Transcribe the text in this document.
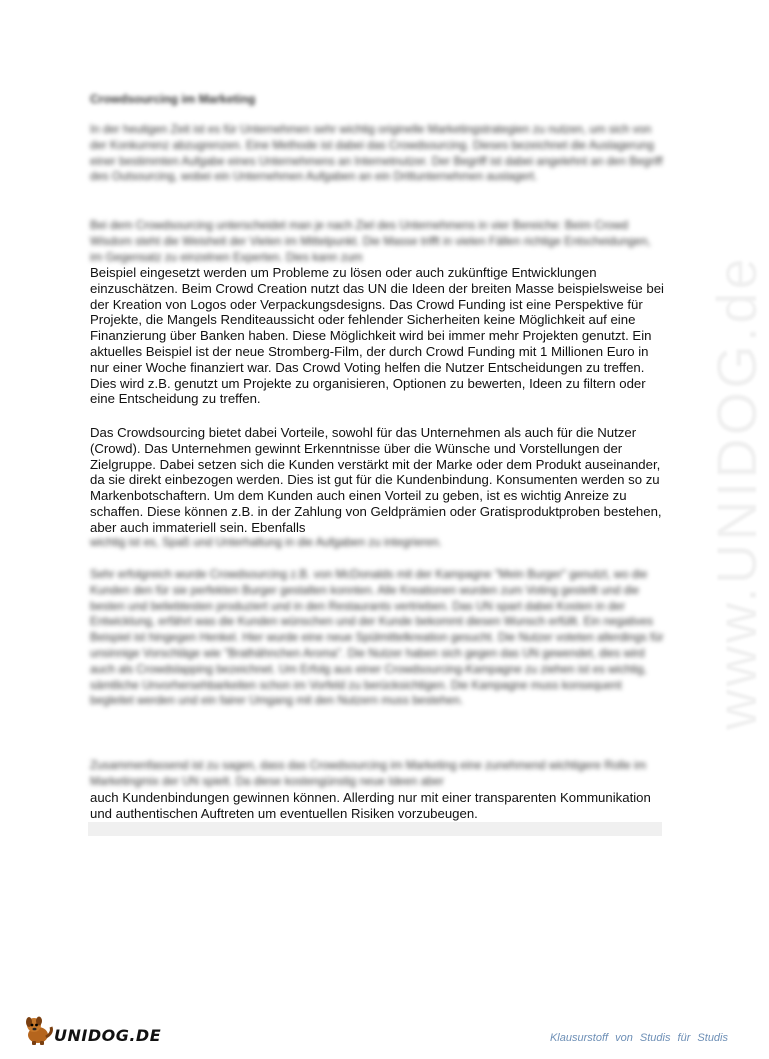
Crowdsourcing im Marketing
In der heutigen Zeit ist es für Unternehmen sehr wichtig originelle Marketingstrategien zu nutzen, um sich von der Konkurrenz abzugrenzen. Eine Methode ist dabei das Crowdsourcing. Dieses bezeichnet die Auslagerung einer bestimmten Aufgabe eines Unternehmens an Internetnutzer. Der Begriff ist dabei angelehnt an den Begriff des Outsourcing, wobei ein Unternehmen Aufgaben an ein Drittunternehmen auslagert.
Bei dem Crowdsourcing unterscheidet man je nach Ziel des Unternehmens in vier Bereiche: Beim Crowd Wisdom steht die Weisheit der Vielen im Mittelpunkt. Die Masse trifft in vielen Fällen richtige Entscheidungen, im Gegensatz zu einzelnen Experten. Dies kann zum
Beispiel eingesetzt werden um Probleme zu lösen oder auch zukünftige Entwicklungen einzuschätzen. Beim Crowd Creation nutzt das UN die Ideen der breiten Masse beispielsweise bei der Kreation von Logos oder Verpackungsdesigns. Das Crowd Funding ist eine Perspektive für Projekte, die Mangels Renditeaussicht oder fehlender Sicherheiten keine Möglichkeit auf eine Finanzierung über Banken haben. Diese Möglichkeit wird bei immer mehr Projekten genutzt. Ein aktuelles Beispiel ist der neue Stromberg-Film, der durch Crowd Funding mit 1 Millionen Euro in nur einer Woche finanziert war. Das Crowd Voting helfen die Nutzer Entscheidungen zu treffen. Dies wird z.B. genutzt um Projekte zu organisieren, Optionen zu bewerten, Ideen zu filtern oder eine Entscheidung zu treffen.
Das Crowdsourcing bietet dabei Vorteile, sowohl für das Unternehmen als auch für die Nutzer (Crowd). Das Unternehmen gewinnt Erkenntnisse über die Wünsche und Vorstellungen der Zielgruppe. Dabei setzen sich die Kunden verstärkt mit der Marke oder dem Produkt auseinander, da sie direkt einbezogen werden. Dies ist gut für die Kundenbindung. Konsumenten werden so zu Markenbotschaftern. Um dem Kunden auch einen Vorteil zu geben, ist es wichtig Anreize zu schaffen. Diese können z.B. in der Zahlung von Geldprämien oder Gratisproduktproben bestehen, aber auch immateriell sein. Ebenfalls
wichtig ist es, Spaß und Unterhaltung in die Aufgaben zu integrieren.
Sehr erfolgreich wurde Crowdsourcing z.B. von McDonalds mit der Kampagne "Mein Burger" genutzt, wo die Kunden den für sie perfekten Burger gestalten konnten. Alle Kreationen wurden zum Voting gestellt und die besten und beliebtesten produziert und in den Restaurants vertrieben. Das UN spart dabei Kosten in der Entwicklung, erfährt was die Kunden wünschen und der Kunde bekommt diesen Wunsch erfüllt. Ein negatives Beispiel ist hingegen Henkel. Hier wurde eine neue Spülmittelkreation gesucht. Die Nutzer voteten allerdings für unsinnige Vorschläge wie "Brathähnchen Aroma". Die Nutzer haben sich gegen das UN gewendet, dies wird auch als Crowdslapping bezeichnet. Um Erfolg aus einer Crowdsourcing-Kampagne zu ziehen ist es wichtig, sämtliche Unvorhersehbarkeiten schon im Vorfeld zu berücksichtigen. Die Kampagne muss konsequent begleitet werden und ein fairer Umgang mit den Nutzern muss bestehen.
Zusammenfassend ist zu sagen, dass das Crowdsourcing im Marketing eine zunehmend wichtigere Rolle im Marketingmix der UN spielt. Da diese kostengünstig neue Ideen aber
auch Kundenbindungen gewinnen können. Allerding nur mit einer transparenten Kommunikation und authentischen Auftreten um eventuellen Risiken vorzubeugen.
www.UNIDOG.de
UNIDOG.DE	Klausurstoff von Studis für Studis
